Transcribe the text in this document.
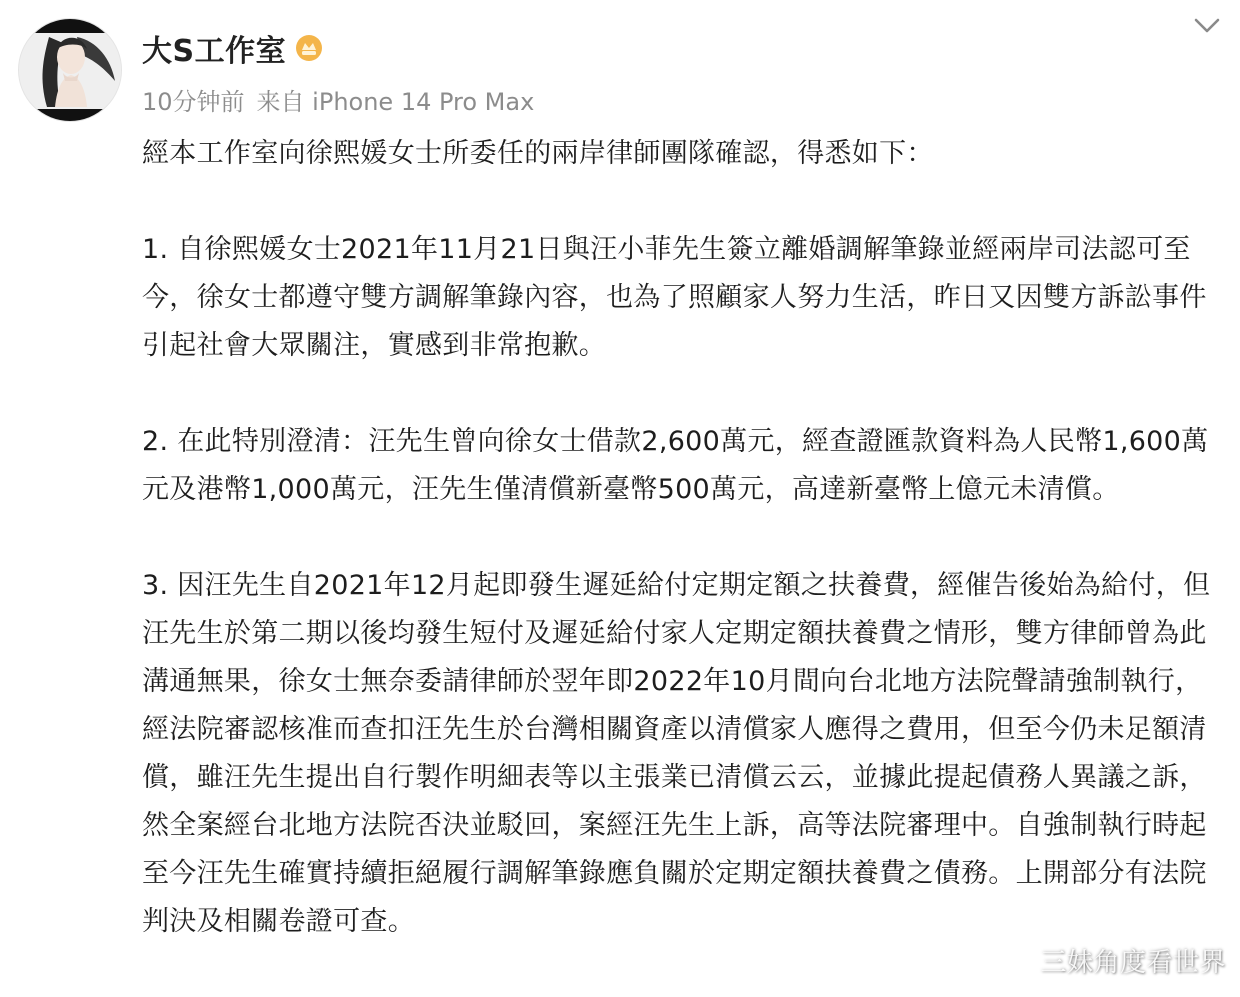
大S工作室
10分钟前 来自 iPhone 14 Pro Max

經本工作室向徐熙媛女士所委任的兩岸律師團隊確認，得悉如下：

1. 自徐熙媛女士2021年11月21日與汪小菲先生簽立離婚調解筆錄並經兩岸司法認可至今，徐女士都遵守雙方調解筆錄內容，也為了照顧家人努力生活，昨日又因雙方訴訟事件引起社會大眾關注，實感到非常抱歉。

2. 在此特別澄清：汪先生曾向徐女士借款2,600萬元，經查證匯款資料為人民幣1,600萬元及港幣1,000萬元，汪先生僅清償新臺幣500萬元，高達新臺幣上億元未清償。

3. 因汪先生自2021年12月起即發生遲延給付定期定額之扶養費，經催告後始為給付，但汪先生於第二期以後均發生短付及遲延給付家人定期定額扶養費之情形，雙方律師曾為此溝通無果，徐女士無奈委請律師於翌年即2022年10月間向台北地方法院聲請強制執行，經法院審認核准而查扣汪先生於台灣相關資產以清償家人應得之費用，但至今仍未足額清償，雖汪先生提出自行製作明細表等以主張業已清償云云，並據此提起債務人異議之訴，然全案經台北地方法院否決並駁回，案經汪先生上訴，高等法院審理中。自強制執行時起至今汪先生確實持續拒絕履行調解筆錄應負關於定期定額扶養費之債務。上開部分有法院判決及相關卷證可查。

三妹角度看世界
